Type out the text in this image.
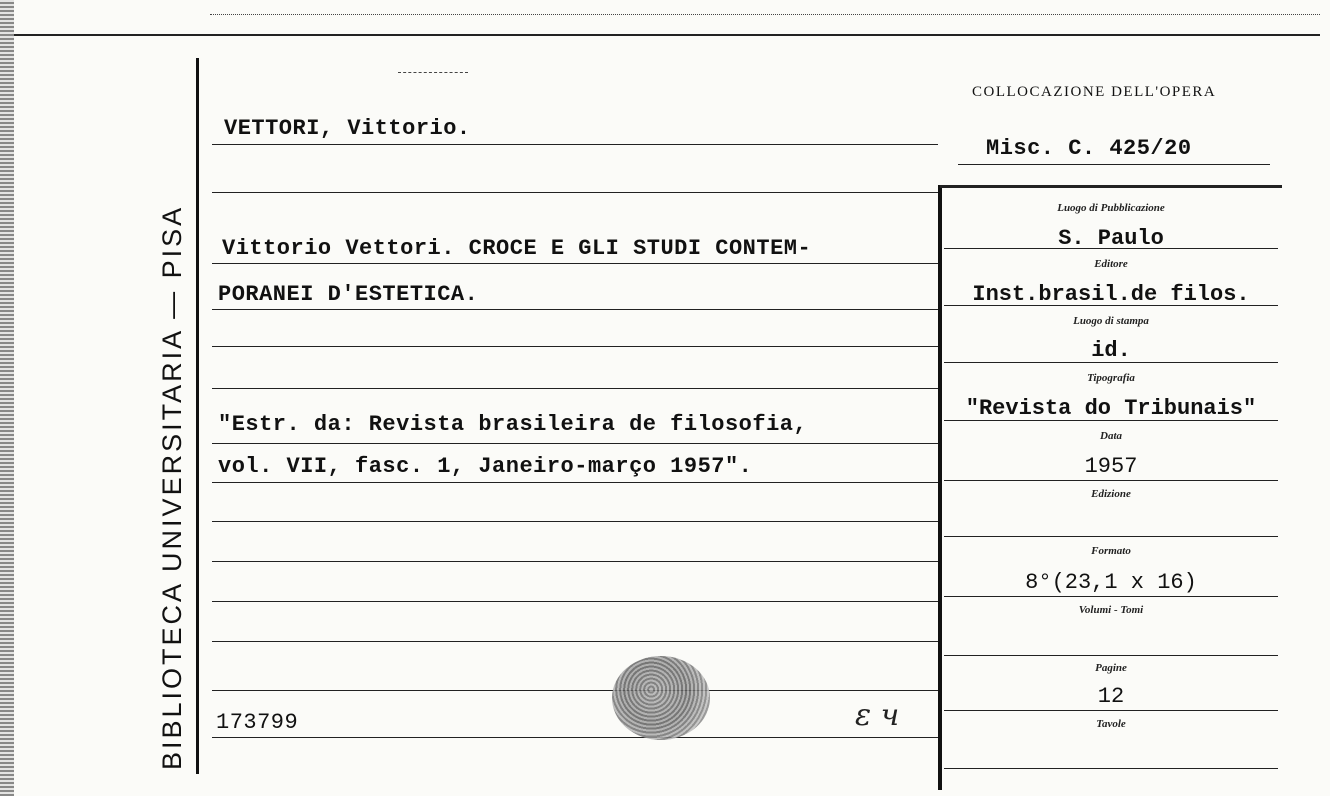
BIBLIOTECA UNIVERSITARIA — PISA
COLLOCAZIONE DELL'OPERA
Misc. C. 425/20
VETTORI, Vittorio.
Vittorio Vettori. CROCE E GLI STUDI CONTEM-
PORANEI D'ESTETICA.
"Estr. da: Revista brasileira de filosofia,
vol. VII, fasc. 1, Janeiro-março 1957".
173799	ε ч
Luogo di Pubblicazione
S. Paulo
Editore
Inst.brasil.de filos.
Luogo di stampa
id.
Tipografia
"Revista do Tribunais"
Data
1957
Edizione
Formato
8°(23,1 x 16)
Volumi - Tomi
Pagine
12
Tavole
